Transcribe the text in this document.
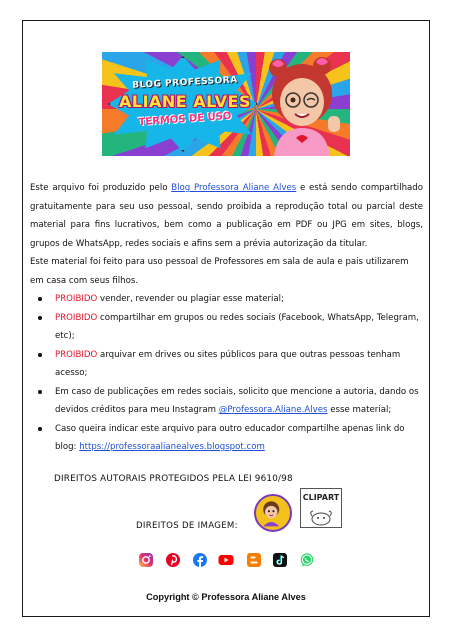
BLOG PROFESSORA
ALIANE ALVES
TERMOS DE USO

Este arquivo foi produzido pelo Blog Professora Aliane Alves e está sendo compartilhado gratuitamente para seu uso pessoal, sendo proibida a reprodução total ou parcial deste material para fins lucrativos, bem como a publicação em PDF ou JPG em sites, blogs, grupos de WhatsApp, redes sociais e afins sem a prévia autorização da titular.

Este material foi feito para uso pessoal de Professores em sala de aula e pais utilizarem em casa com seus filhos.

PROIBIDO vender, revender ou plagiar esse material;
PROIBIDO compartilhar em grupos ou redes sociais (Facebook, WhatsApp, Telegram, etc);
PROIBIDO arquivar em drives ou sites públicos para que outras pessoas tenham acesso;
Em caso de publicações em redes sociais, solicito que mencione a autoria, dando os devidos créditos para meu Instagram @Professora.Aliane.Alves esse material;
Caso queira indicar este arquivo para outro educador compartilhe apenas link do blog: https://professoraalianealves.blogspot.com
DIREITOS AUTORAIS PROTEGIDOS PELA LEI 9610/98
DIREITOS DE IMAGEM:
CLIPART
Copyright © Professora Aliane Alves
